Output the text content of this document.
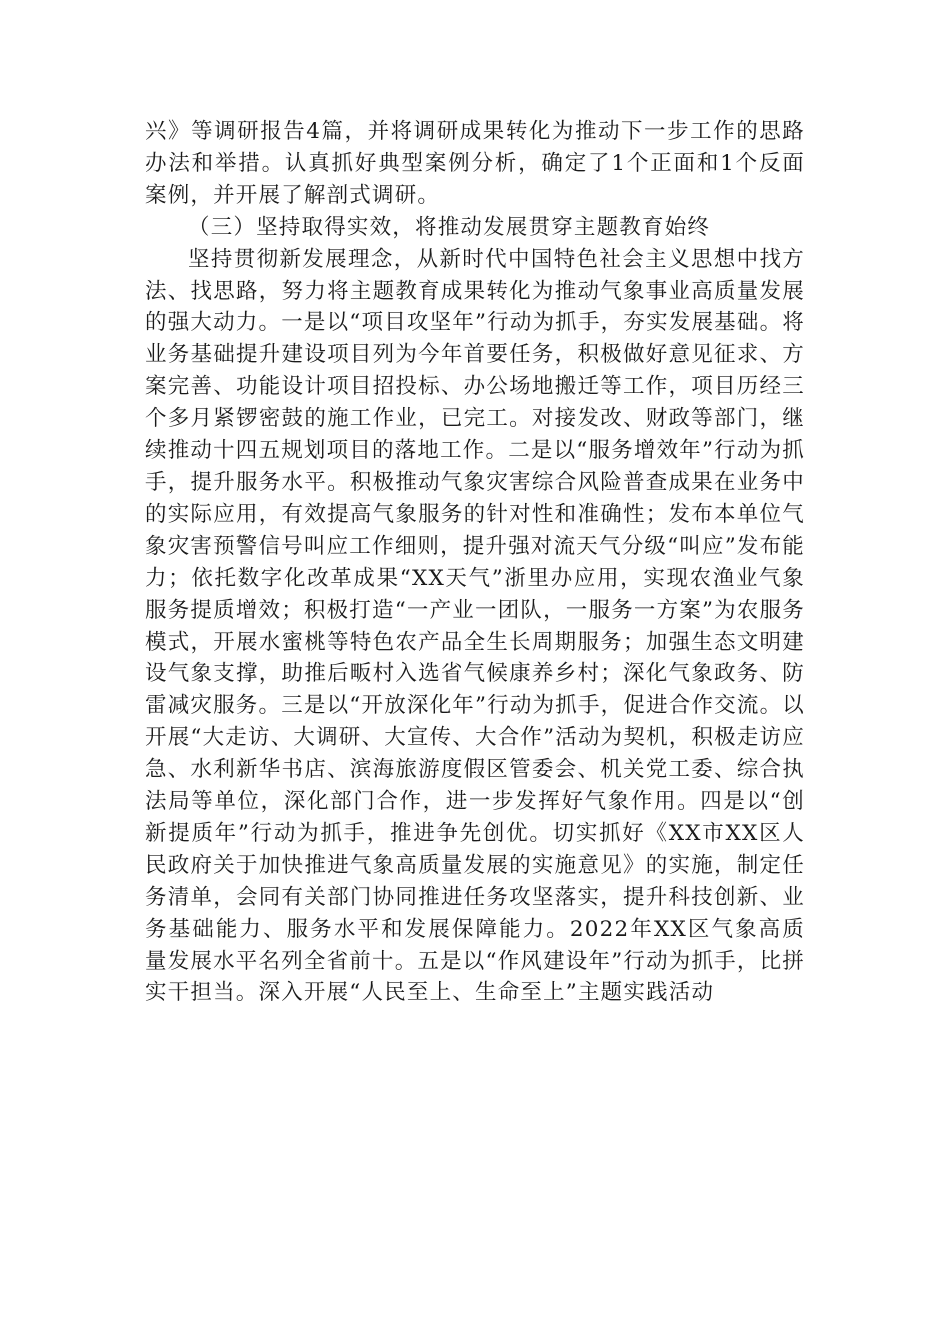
兴》等调研报告4篇，并将调研成果转化为推动下一步工作的思路办法和举措。认真抓好典型案例分析，确定了1个正面和1个反面案例，并开展了解剖式调研。

（三）坚持取得实效，将推动发展贯穿主题教育始终

坚持贯彻新发展理念，从新时代中国特色社会主义思想中找方法、找思路，努力将主题教育成果转化为推动气象事业高质量发展的强大动力。一是以“项目攻坚年”行动为抓手，夯实发展基础。将业务基础提升建设项目列为今年首要任务，积极做好意见征求、方案完善、功能设计项目招投标、办公场地搬迁等工作，项目历经三个多月紧锣密鼓的施工作业，已完工。对接发改、财政等部门，继续推动十四五规划项目的落地工作。二是以“服务增效年”行动为抓手，提升服务水平。积极推动气象灾害综合风险普查成果在业务中的实际应用，有效提高气象服务的针对性和准确性；发布本单位气象灾害预警信号叫应工作细则，提升强对流天气分级“叫应”发布能力；依托数字化改革成果“XX天气”浙里办应用，实现农渔业气象服务提质增效；积极打造“一产业一团队，一服务一方案”为农服务模式，开展水蜜桃等特色农产品全生长周期服务；加强生态文明建设气象支撑，助推后畈村入选省气候康养乡村；深化气象政务、防雷减灾服务。三是以“开放深化年”行动为抓手，促进合作交流。以开展“大走访、大调研、大宣传、大合作”活动为契机，积极走访应急、水利新华书店、滨海旅游度假区管委会、机关党工委、综合执法局等单位，深化部门合作，进一步发挥好气象作用。四是以“创新提质年”行动为抓手，推进争先创优。切实抓好《XX市XX区人民政府关于加快推进气象高质量发展的实施意见》的实施，制定任务清单，会同有关部门协同推进任务攻坚落实，提升科技创新、业务基础能力、服务水平和发展保障能力。2022年XX区气象高质量发展水平名列全省前十。五是以“作风建设年”行动为抓手，比拼实干担当。深入开展“人民至上、生命至上”主题实践活动
